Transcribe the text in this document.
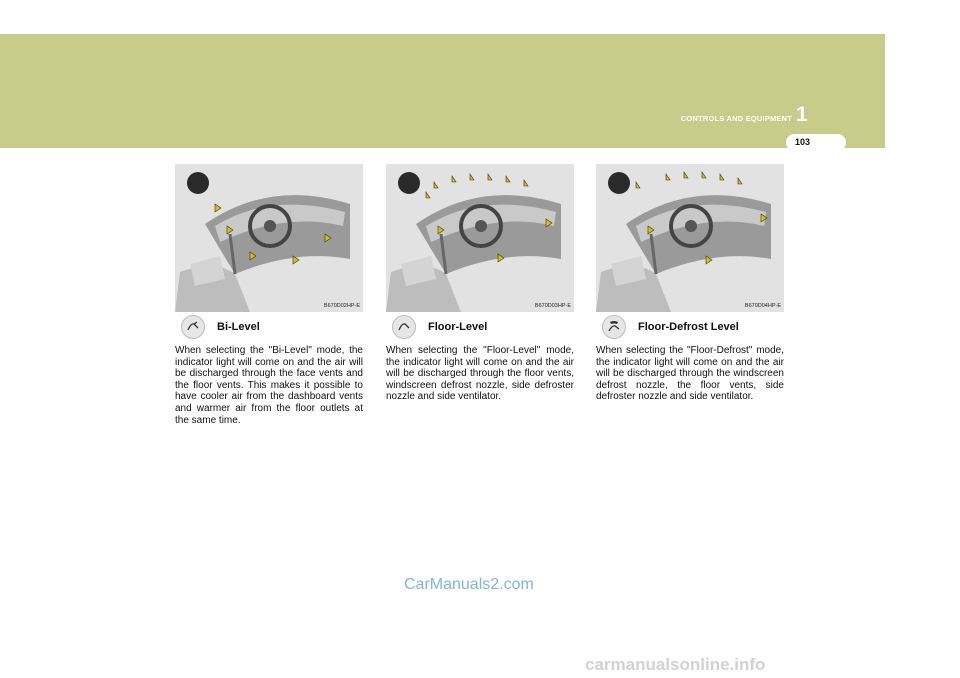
CONTROLS AND EQUIPMENT 1
103
B670D02HP-E
Bi-Level

When selecting the "Bi-Level" mode, the indicator light will come on and the air will be discharged through the face vents and the floor vents. This makes it possible to have cooler air from the dashboard vents and warmer air from the floor outlets at the same time.

B670D03HP-E
Floor-Level

When selecting the "Floor-Level" mode, the indicator light will come on and the air will be discharged through the floor vents, windscreen defrost nozzle, side defroster nozzle and side ventilator.

B670D04HP-E
Floor-Defrost Level

When selecting the "Floor-Defrost" mode, the indicator light will come on and the air will be discharged through the windscreen defrost nozzle, the floor vents, side defroster nozzle and side ventilator.

CarManuals2.com
carmanualsonline.info
